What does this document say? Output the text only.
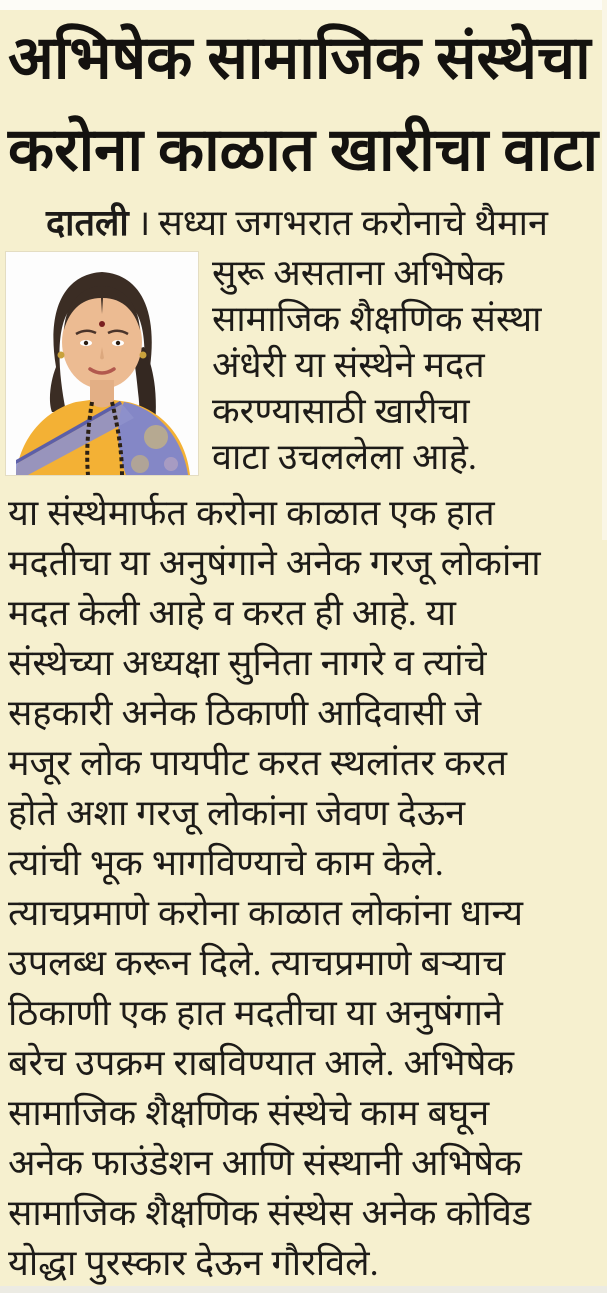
अभिषेक सामाजिक संस्थेचा
करोना काळात खारीचा वाटा

दातली । सध्या जगभरात करोनाचे थैमान

सुरू असताना अभिषेक
सामाजिक शैक्षणिक संस्था
अंधेरी या संस्थेने मदत
करण्यासाठी खारीचा
वाटा उचललेला आहे.
या संस्थेमार्फत करोना काळात एक हात
मदतीचा या अनुषंगाने अनेक गरजू लोकांना
मदत केली आहे व करत ही आहे. या
संस्थेच्या अध्यक्षा सुनिता नागरे व त्यांचे
सहकारी अनेक ठिकाणी आदिवासी जे
मजूर लोक पायपीट करत स्थलांतर करत
होते अशा गरजू लोकांना जेवण देऊन
त्यांची भूक भागविण्याचे काम केले.
त्याचप्रमाणे करोना काळात लोकांना धान्य
उपलब्ध करून दिले. त्याचप्रमाणे बऱ्याच
ठिकाणी एक हात मदतीचा या अनुषंगाने
बरेच उपक्रम राबविण्यात आले. अभिषेक
सामाजिक शैक्षणिक संस्थेचे काम बघून
अनेक फाउंडेशन आणि संस्थानी अभिषेक
सामाजिक शैक्षणिक संस्थेस अनेक कोविड
योद्धा पुरस्कार देऊन गौरविले.
